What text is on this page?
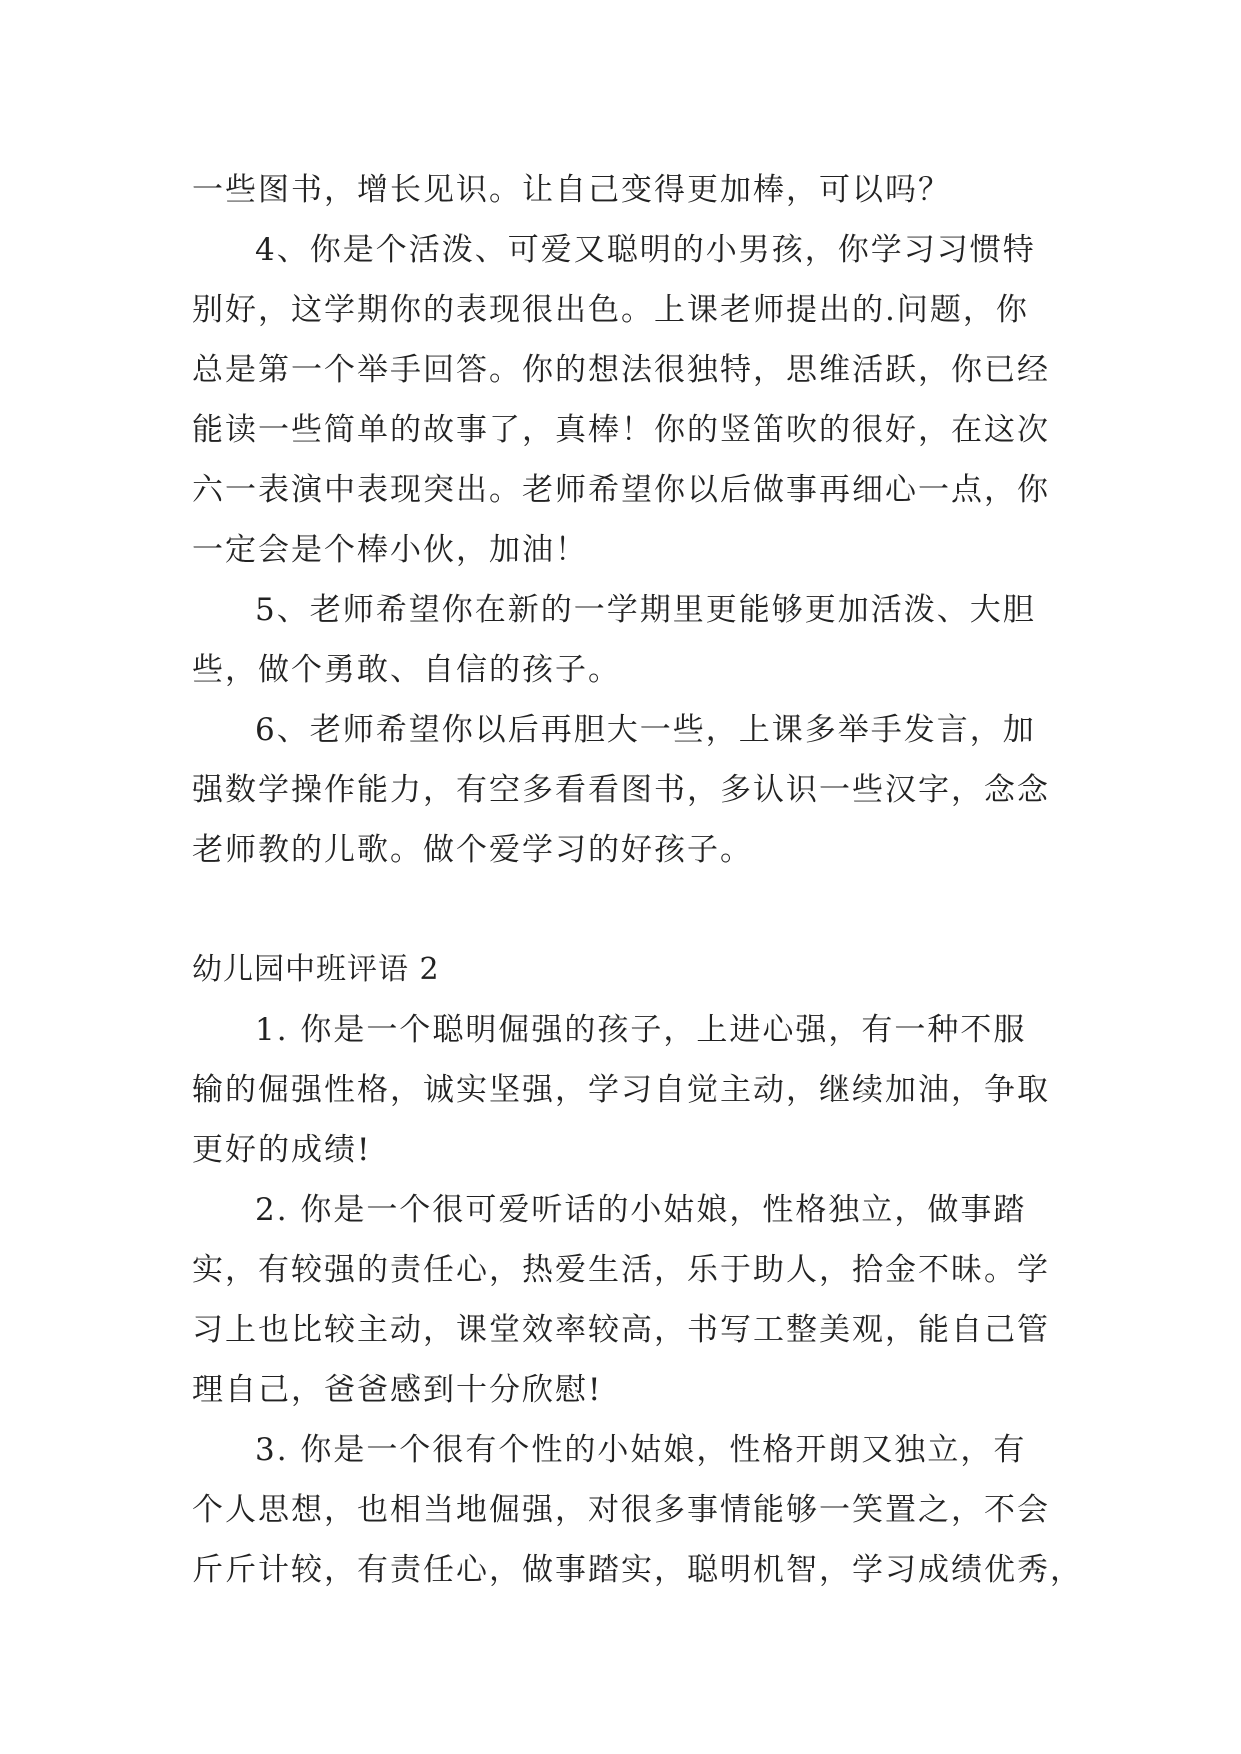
一些图书，增长见识。让自己变得更加棒，可以吗？
4、你是个活泼、可爱又聪明的小男孩，你学习习惯特
别好，这学期你的表现很出色。上课老师提出的.问题，你
总是第一个举手回答。你的想法很独特，思维活跃，你已经
能读一些简单的故事了，真棒！你的竖笛吹的很好，在这次
六一表演中表现突出。老师希望你以后做事再细心一点，你
一定会是个棒小伙，加油！
5、老师希望你在新的一学期里更能够更加活泼、大胆
些，做个勇敢、自信的孩子。
6、老师希望你以后再胆大一些，上课多举手发言，加
强数学操作能力，有空多看看图书，多认识一些汉字，念念
老师教的儿歌。做个爱学习的好孩子。
幼儿园中班评语 2
1. 你是一个聪明倔强的孩子，上进心强，有一种不服
输的倔强性格，诚实坚强，学习自觉主动，继续加油，争取
更好的成绩!
2. 你是一个很可爱听话的小姑娘，性格独立，做事踏
实，有较强的责任心，热爱生活，乐于助人，拾金不昧。学
习上也比较主动，课堂效率较高，书写工整美观，能自己管
理自己，爸爸感到十分欣慰!
3. 你是一个很有个性的小姑娘，性格开朗又独立，有
个人思想，也相当地倔强，对很多事情能够一笑置之，不会
斤斤计较，有责任心，做事踏实，聪明机智，学习成绩优秀，
